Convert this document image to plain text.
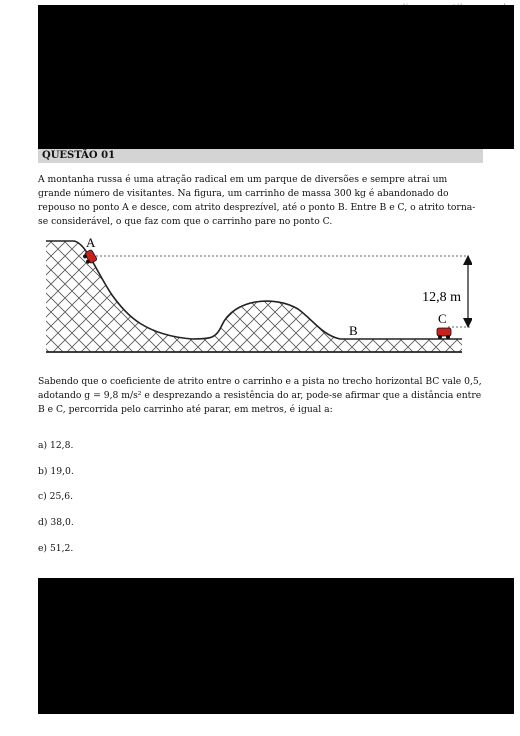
QUESTÃO 01

A montanha russa é uma atração radical em um parque de diversões e sempre atrai um grande número de visitantes. Na figura, um carrinho de massa 300 kg é abandonado do repouso no ponto A e desce, com atrito desprezível, até o ponto B. Entre B e C, o atrito torna-se considerável, o que faz com que o carrinho pare no ponto C.

12,8 m
A
B
C

Sabendo que o coeficiente de atrito entre o carrinho e a pista no trecho horizontal BC vale 0,5, adotando g = 9,8 m/s² e desprezando a resistência do ar, pode-se afirmar que a distância entre B e C, percorrida pelo carrinho até parar, em metros, é igual a:

a) 12,8.
b) 19,0.
c) 25,6.
d) 38,0.
e) 51,2.
